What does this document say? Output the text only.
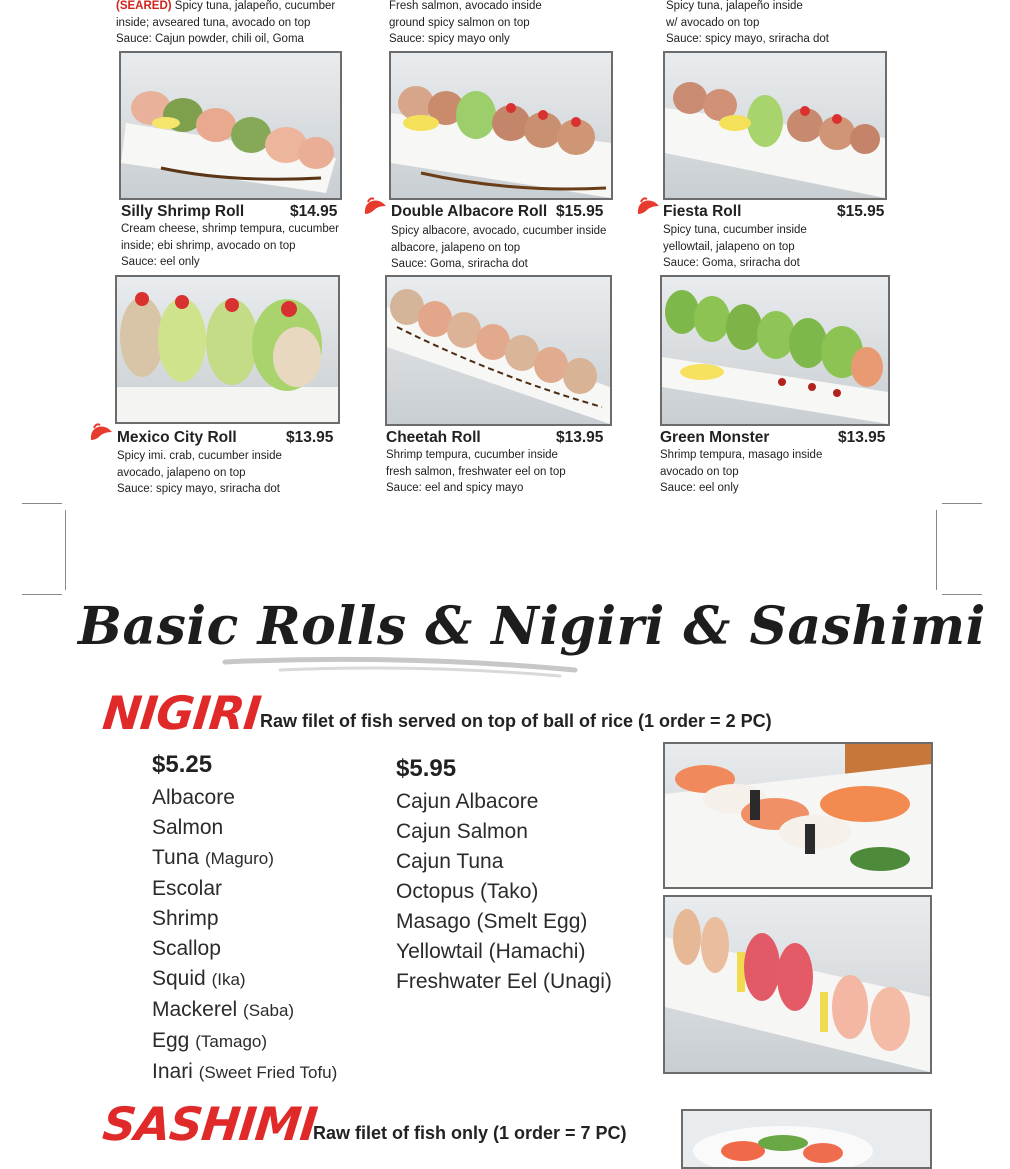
(SEARED) Spicy tuna, jalapeño, cucumber
inside; avseared tuna, avocado on top
Sauce: Cajun powder, chili oil, Goma
Fresh salmon, avocado inside
ground spicy salmon on top
Sauce: spicy mayo only
Spicy tuna, jalapeño inside
w/ avocado on top
Sauce: spicy mayo, sriracha dot
Silly Shrimp Roll	$14.95
Cream cheese, shrimp tempura, cucumber
inside; ebi shrimp, avocado on top
Sauce: eel only
Double Albacore Roll $15.95
Spicy albacore, avocado, cucumber inside
albacore, jalapeno on top
Sauce: Goma, sriracha dot
Fiesta Roll	$15.95
Spicy tuna, cucumber inside
yellowtail, jalapeno on top
Sauce: Goma, sriracha dot
Mexico City Roll	$13.95
Spicy imi. crab, cucumber inside
avocado, jalapeno on top
Sauce: spicy mayo, sriracha dot
Cheetah Roll	$13.95
Shrimp tempura, cucumber inside
fresh salmon, freshwater eel on top
Sauce: eel and spicy mayo
Green Monster	$13.95
Shrimp tempura, masago inside
avocado on top
Sauce: eel only
Basic Rolls & Nigiri & Sashimi
NIGIRI
Raw filet of fish served on top of ball of rice (1 order = 2 PC)
$5.25
Albacore
Salmon
Tuna (Maguro)
Escolar
Shrimp
Scallop
Squid (Ika)
Mackerel (Saba)
Egg (Tamago)
Inari (Sweet Fried Tofu)
$5.95
Cajun Albacore
Cajun Salmon
Cajun Tuna
Octopus (Tako)
Masago (Smelt Egg)
Yellowtail (Hamachi)
Freshwater Eel (Unagi)
SASHIMI
Raw filet of fish only (1 order = 7 PC)
